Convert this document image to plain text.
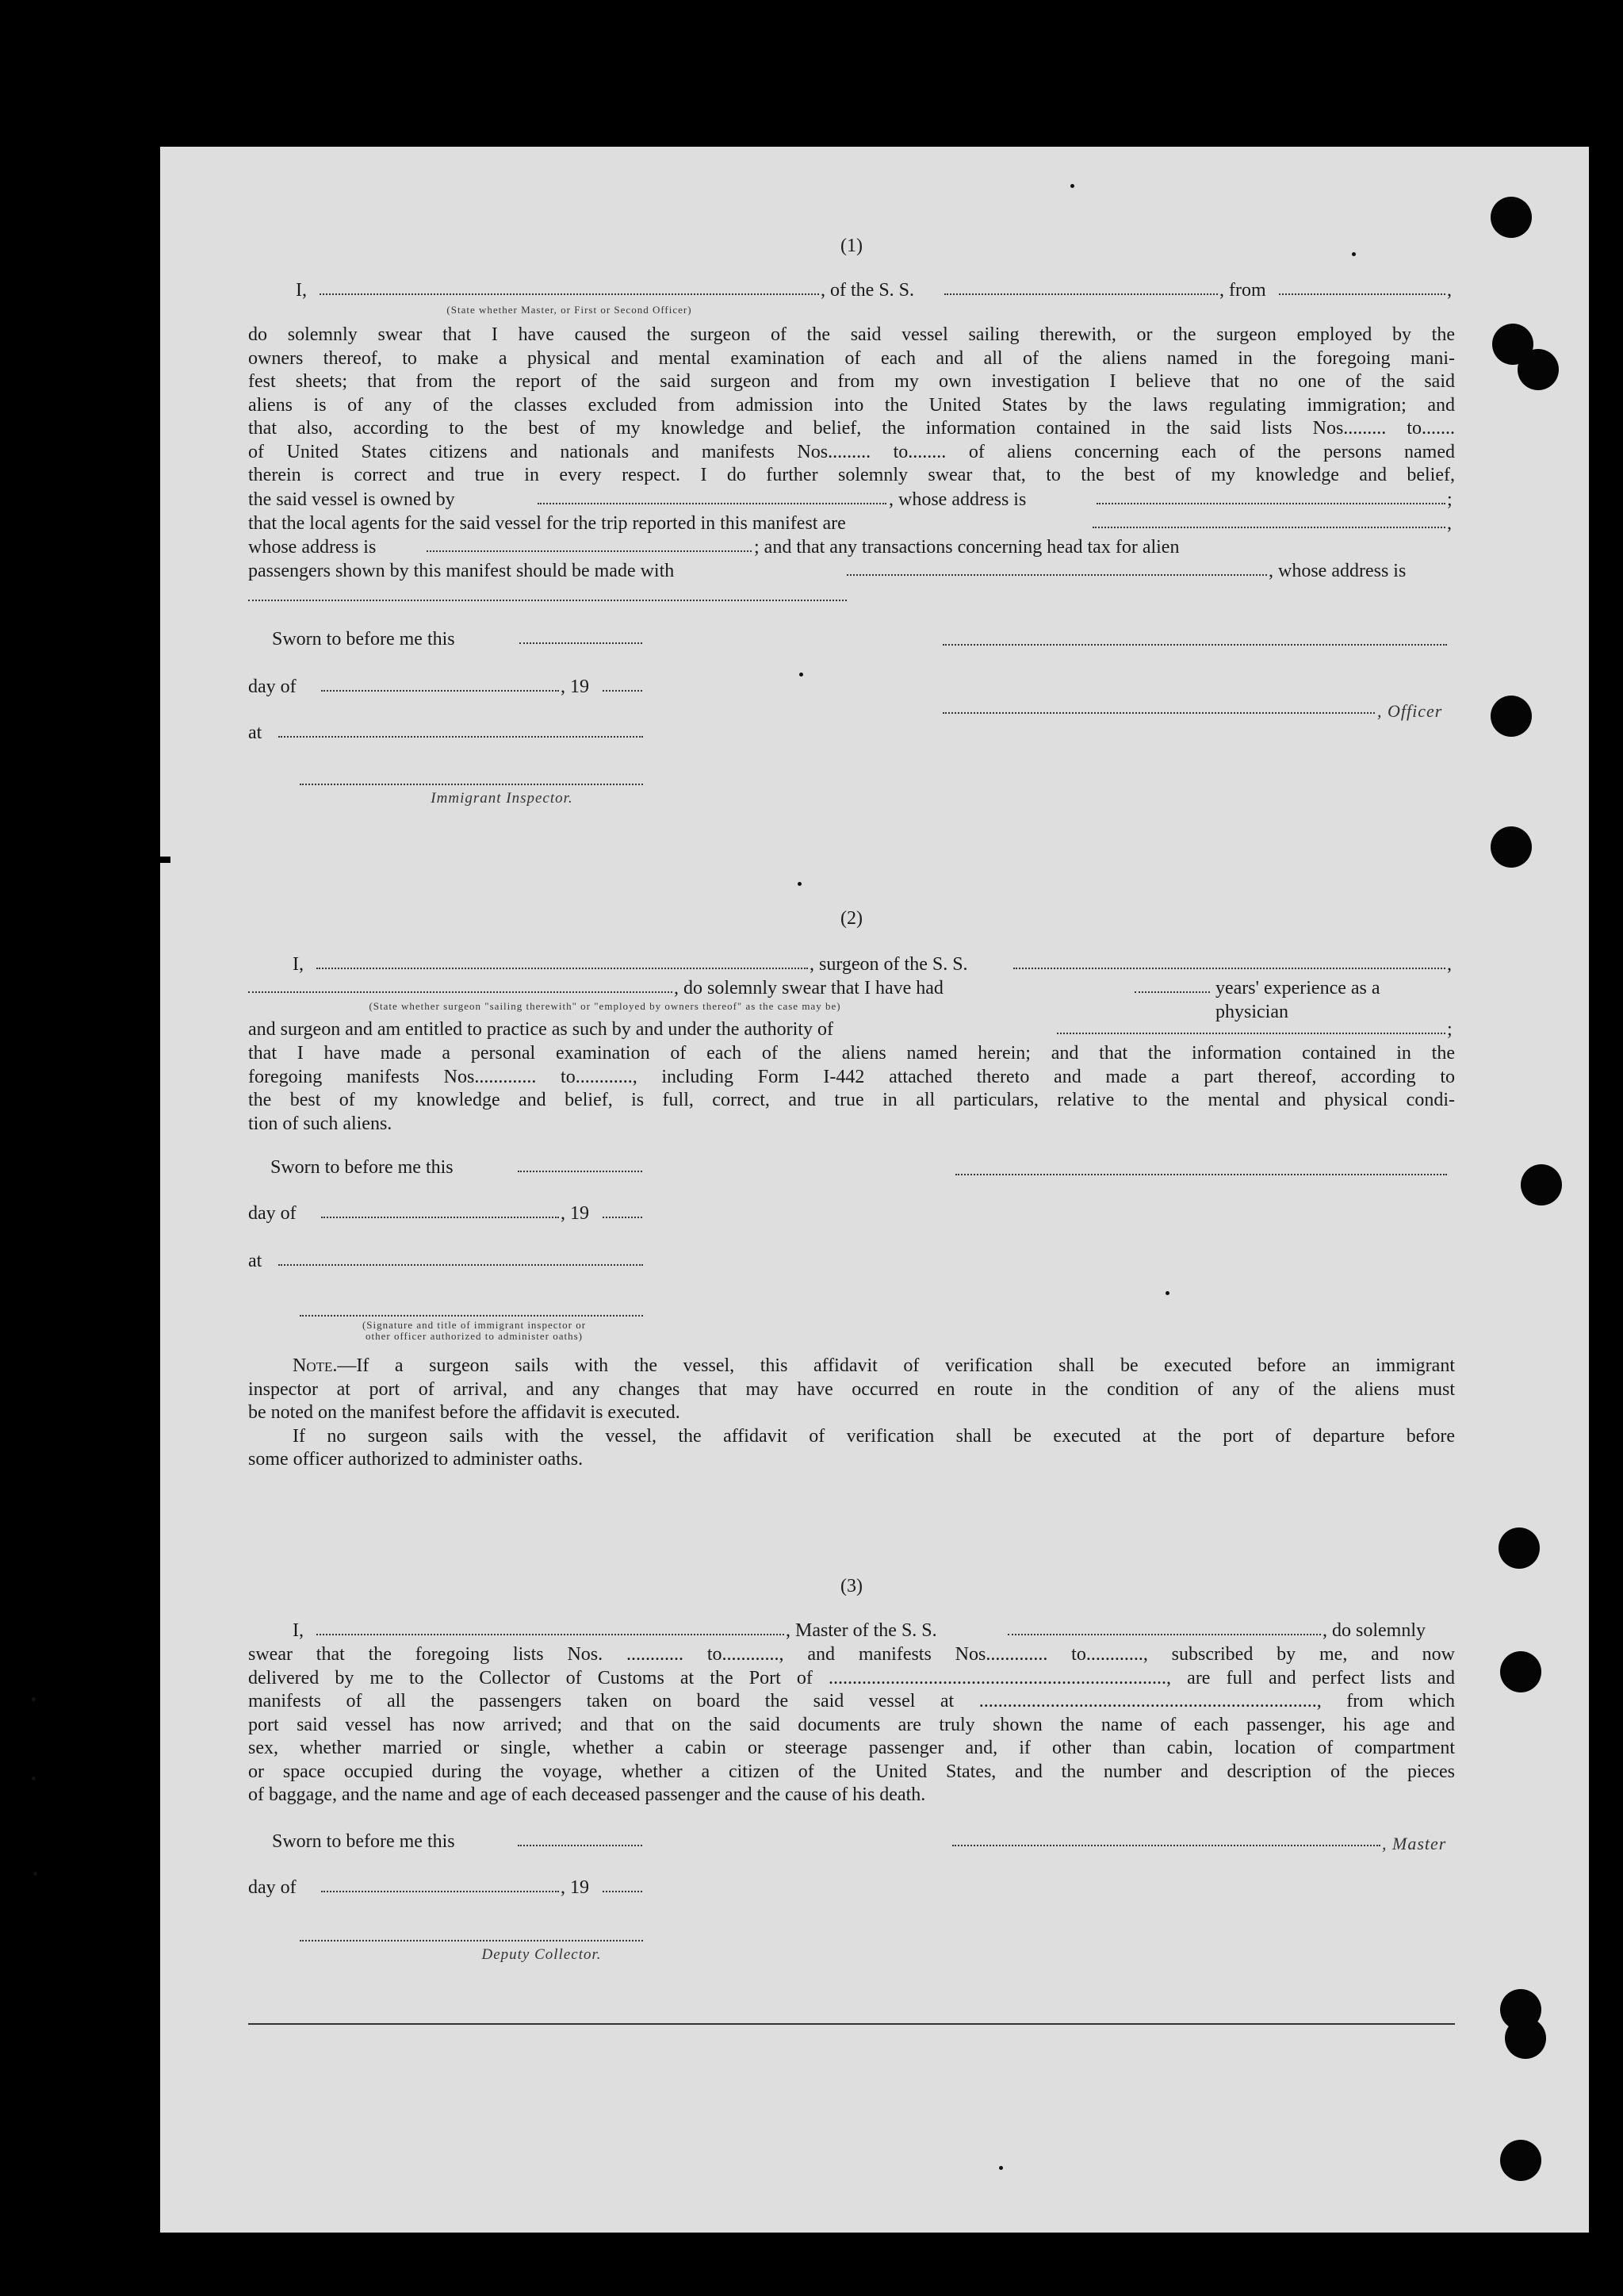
(1)
I,	, of the S. S.	, from	,
(State whether Master, or First or Second Officer)

do solemnly swear that I have caused the surgeon of the said vessel sailing therewith, or the surgeon employed by the

owners thereof, to make a physical and mental examination of each and all of the aliens named in the foregoing mani-

fest sheets; that from the report of the said surgeon and from my own investigation I believe that no one of the said

aliens is of any of the classes excluded from admission into the United States by the laws regulating immigration; and

that also, according to the best of my knowledge and belief, the information contained in the said lists Nos......... to.......

of United States citizens and nationals and manifests Nos......... to........ of aliens concerning each of the persons named

therein is correct and true in every respect. I do further solemnly swear that, to the best of my knowledge and belief,

the said vessel is owned by	, whose address is	;
that the local agents for the said vessel for the trip reported in this manifest are	,
whose address is	; and that any transactions concerning head tax for alien
passengers shown by this manifest should be made with	, whose address is
Sworn to before me this
day of	, 19
at
Immigrant Inspector.
, Officer
(2)
I,	, surgeon of the S. S.	,
, do solemnly swear that I have had	years' experience as a physician
(State whether surgeon "sailing therewith" or "employed by owners thereof" as the case may be)
and surgeon and am entitled to practice as such by and under the authority of	;

that I have made a personal examination of each of the aliens named herein; and that the information contained in the

foregoing manifests Nos............. to............, including Form I-442 attached thereto and made a part thereof, according to

the best of my knowledge and belief, is full, correct, and true in all particulars, relative to the mental and physical condi-

tion of such aliens.

Sworn to before me this
day of	, 19
at
(Signature and title of immigrant inspector or
other officer authorized to administer oaths)

Note.—If a surgeon sails with the vessel, this affidavit of verification shall be executed before an immigrant

inspector at port of arrival, and any changes that may have occurred en route in the condition of any of the aliens must

be noted on the manifest before the affidavit is executed.

If no surgeon sails with the vessel, the affidavit of verification shall be executed at the port of departure before

some officer authorized to administer oaths.

(3)
I,	, Master of the S. S.	, do solemnly

swear that the foregoing lists Nos. ............ to............, and manifests Nos............. to............, subscribed by me, and now

delivered by me to the Collector of Customs at the Port of ......................................................................., are full and perfect lists and

manifests of all the passengers taken on board the said vessel at ......................................................................., from which

port said vessel has now arrived; and that on the said documents are truly shown the name of each passenger, his age and

sex, whether married or single, whether a cabin or steerage passenger and, if other than cabin, location of compartment

or space occupied during the voyage, whether a citizen of the United States, and the number and description of the pieces

of baggage, and the name and age of each deceased passenger and the cause of his death.

Sworn to before me this	, Master
day of	, 19
Deputy Collector.
